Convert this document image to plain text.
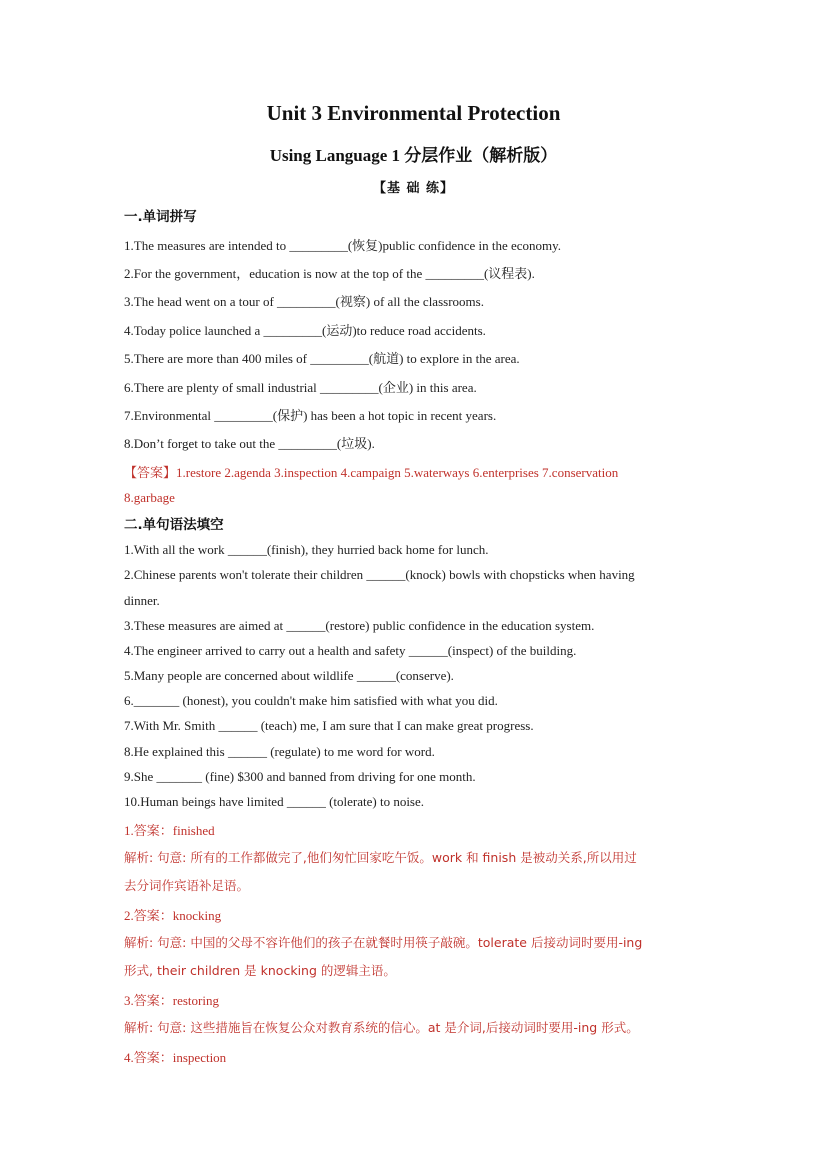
Unit 3 Environmental Protection
Using Language 1 分层作业（解析版）
【基 础 练】
一.单词拼写
1.The measures are intended to _________(恢复)public confidence in the economy.
2.For the government，education is now at the top of the _________(议程表).
3.The head went on a tour of _________(视察) of all the classrooms.
4.Today police launched a _________(运动)to reduce road accidents.
5.There are more than 400 miles of _________(航道) to explore in the area.
6.There are plenty of small industrial _________(企业) in this area.
7.Environmental _________(保护) has been a hot topic in recent years.
8.Don’t forget to take out the _________(垃圾).
【答案】1.restore 2.agenda 3.inspection 4.campaign 5.waterways 6.enterprises 7.conservation
8.garbage
二.单句语法填空
1.With all the work ______(finish), they hurried back home for lunch.
2.Chinese parents won't tolerate their children ______(knock) bowls with chopsticks when having
dinner.
3.These measures are aimed at ______(restore) public confidence in the education system.
4.The engineer arrived to carry out a health and safety ______(inspect) of the building.
5.Many people are concerned about wildlife ______(conserve).
6._______ (honest), you couldn't make him satisfied with what you did.
7.With Mr. Smith ______ (teach) me, I am sure that I can make great progress.
8.He explained this ______ (regulate) to me word for word.
9.She _______ (fine) $300 and banned from driving for one month.
10.Human beings have limited ______ (tolerate) to noise.
1.答案：finished
解析: 句意: 所有的工作都做完了,他们匆忙回家吃午饭。work 和 finish 是被动关系,所以用过
去分词作宾语补足语。
2.答案：knocking
解析: 句意: 中国的父母不容许他们的孩子在就餐时用筷子敲碗。tolerate 后接动词时要用-ing
形式, their children 是 knocking 的逻辑主语。
3.答案：restoring
解析: 句意: 这些措施旨在恢复公众对教育系统的信心。at 是介词,后接动词时要用-ing 形式。
4.答案：inspection
